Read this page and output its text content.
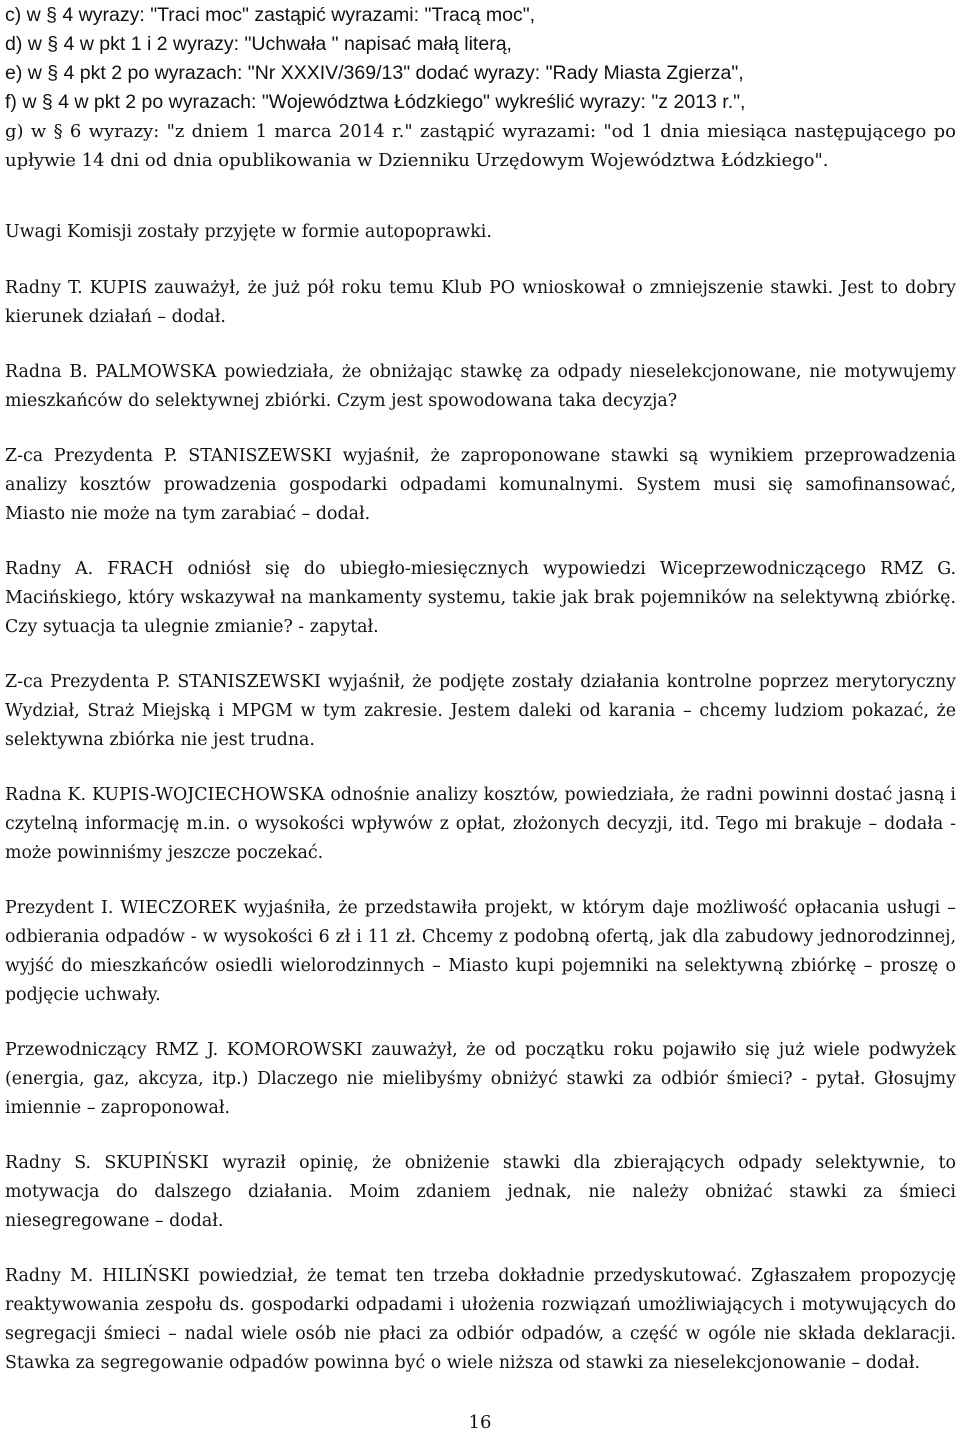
c) w § 4 wyrazy: "Traci moc" zastąpić wyrazami: "Tracą moc",

d) w § 4 w pkt 1 i 2 wyrazy: "Uchwała " napisać małą literą,

e) w § 4 pkt 2 po wyrazach: "Nr XXXIV/369/13" dodać wyrazy: "Rady Miasta Zgierza",

f) w § 4 w pkt 2 po wyrazach: "Województwa Łódzkiego" wykreślić wyrazy: "z 2013 r.",

g) w § 6 wyrazy: "z dniem 1 marca 2014 r." zastąpić wyrazami: "od 1 dnia miesiąca następującego po upływie 14 dni od dnia opublikowania w Dzienniku Urzędowym Województwa Łódzkiego".

Uwagi Komisji zostały przyjęte w formie autopoprawki.

Radny T. KUPIS zauważył, że już pół roku temu Klub PO wnioskował o zmniejszenie stawki. Jest to dobry kierunek działań – dodał.

Radna B. PALMOWSKA powiedziała, że obniżając stawkę za odpady nieselekcjonowane, nie motywujemy mieszkańców do selektywnej zbiórki. Czym jest spowodowana taka decyzja?

Z-ca Prezydenta P. STANISZEWSKI wyjaśnił, że zaproponowane stawki są wynikiem przeprowadzenia analizy kosztów prowadzenia gospodarki odpadami komunalnymi. System musi się samofinansować, Miasto nie może na tym zarabiać – dodał.

Radny A. FRACH odniósł się do ubiegło-miesięcznych wypowiedzi Wiceprzewodniczącego RMZ G. Macińskiego, który wskazywał na mankamenty systemu, takie jak brak pojemników na selektywną zbiórkę. Czy sytuacja ta ulegnie zmianie? - zapytał.

Z-ca Prezydenta P. STANISZEWSKI wyjaśnił, że podjęte zostały działania kontrolne poprzez merytoryczny Wydział, Straż Miejską i MPGM w tym zakresie. Jestem daleki od karania – chcemy ludziom pokazać, że selektywna zbiórka nie jest trudna.

Radna K. KUPIS-WOJCIECHOWSKA odnośnie analizy kosztów, powiedziała, że radni powinni dostać jasną i czytelną informację m.in. o wysokości wpływów z opłat, złożonych decyzji, itd. Tego mi brakuje – dodała - może powinniśmy jeszcze poczekać.

Prezydent I. WIECZOREK wyjaśniła, że przedstawiła projekt, w którym daje możliwość opłacania usługi – odbierania odpadów - w wysokości 6 zł i 11 zł. Chcemy z podobną ofertą, jak dla zabudowy jednorodzinnej, wyjść do mieszkańców osiedli wielorodzinnych – Miasto kupi pojemniki na selektywną zbiórkę – proszę o podjęcie uchwały.

Przewodniczący RMZ J. KOMOROWSKI zauważył, że od początku roku pojawiło się już wiele podwyżek (energia, gaz, akcyza, itp.) Dlaczego nie mielibyśmy obniżyć stawki za odbiór śmieci? - pytał. Głosujmy imiennie – zaproponował.

Radny S. SKUPIŃSKI wyraził opinię, że obniżenie stawki dla zbierających odpady selektywnie, to motywacja do dalszego działania. Moim zdaniem jednak, nie należy obniżać stawki za śmieci niesegregowane – dodał.

Radny M. HILIŃSKI powiedział, że temat ten trzeba dokładnie przedyskutować. Zgłaszałem propozycję reaktywowania zespołu ds. gospodarki odpadami i ułożenia rozwiązań umożliwiających i motywujących do segregacji śmieci – nadal wiele osób nie płaci za odbiór odpadów, a część w ogóle nie składa deklaracji. Stawka za segregowanie odpadów powinna być o wiele niższa od stawki za nieselekcjonowanie – dodał.

16
